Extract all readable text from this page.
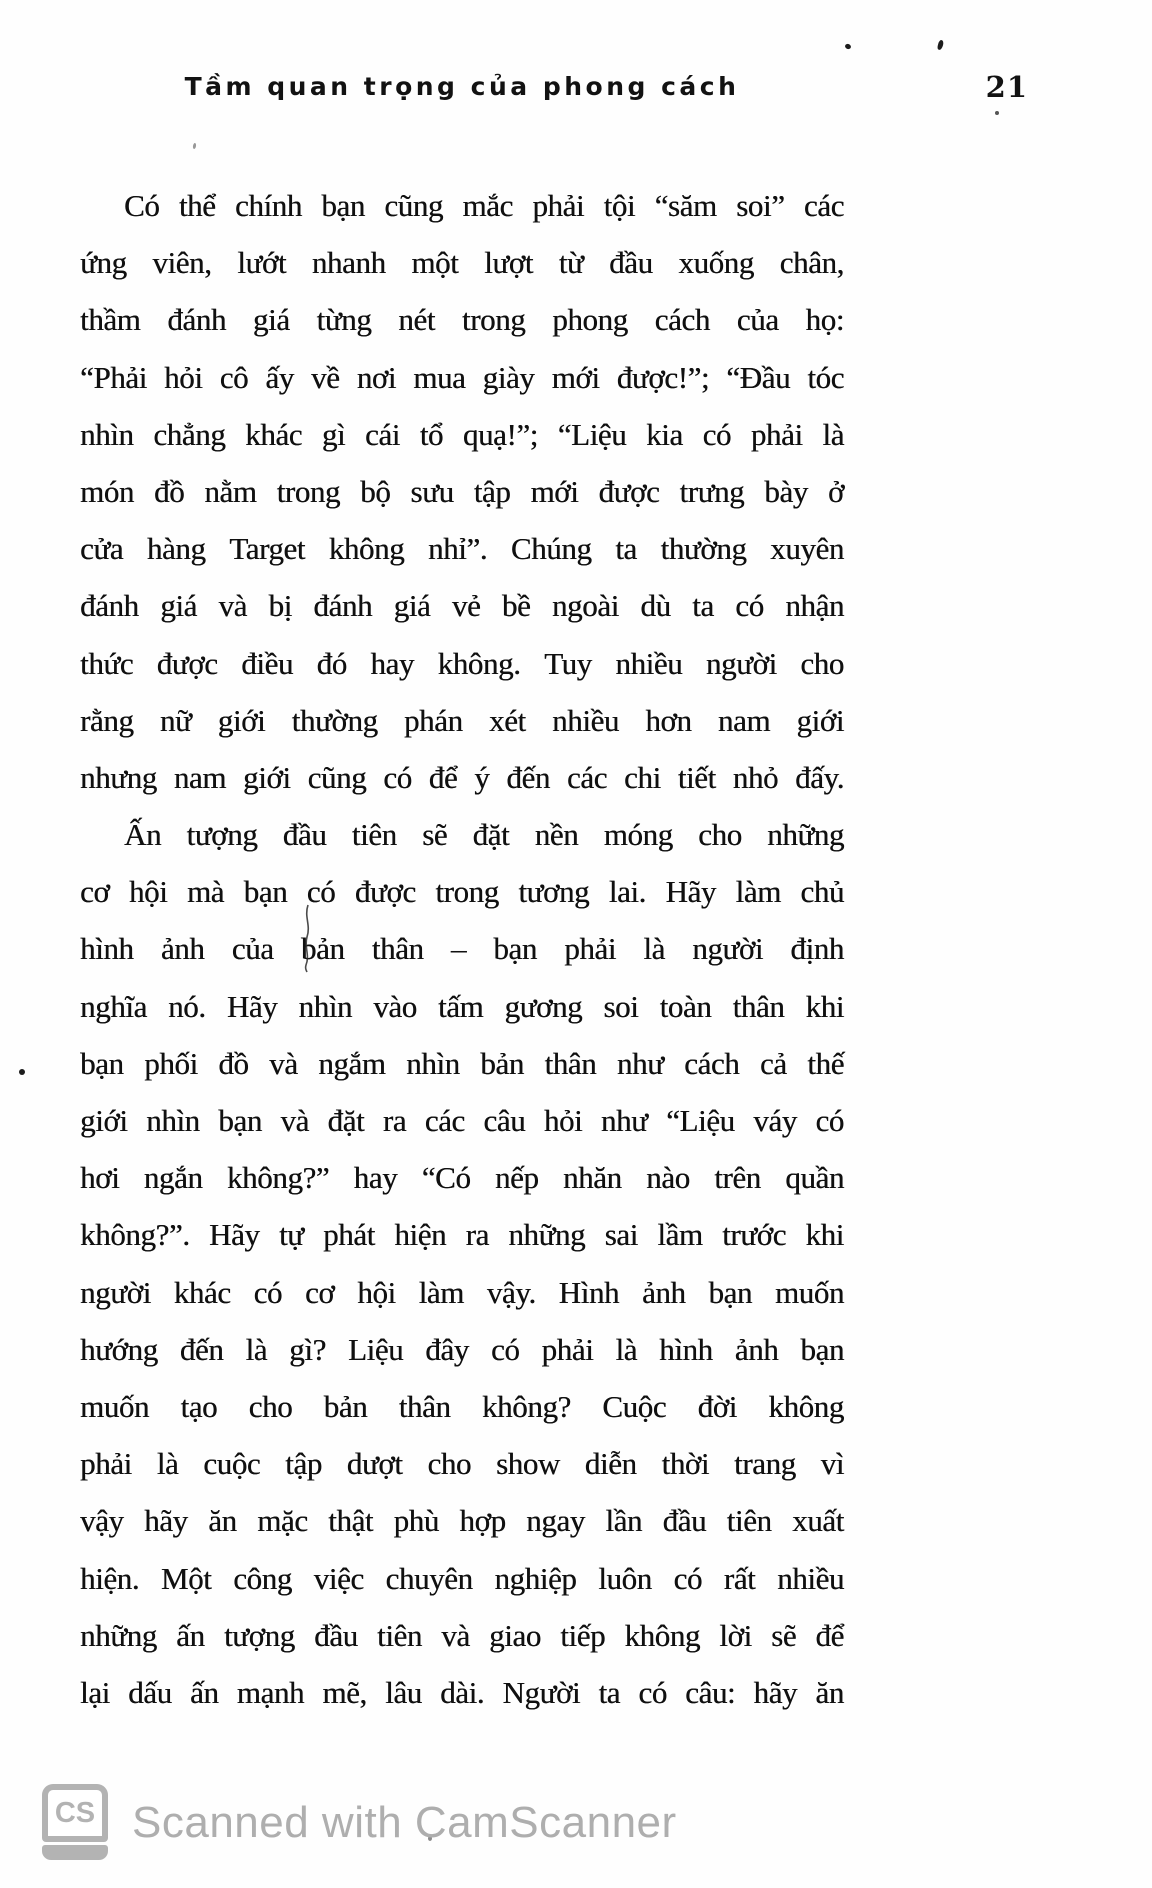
Tầm quan trọng của phong cách	21
Có thể chính bạn cũng mắc phải tội “săm soi” các
ứng viên, lướt nhanh một lượt từ đầu xuống chân,
thầm đánh giá từng nét trong phong cách của họ:
“Phải hỏi cô ấy về nơi mua giày mới được!”; “Đầu tóc
nhìn chẳng khác gì cái tổ quạ!”; “Liệu kia có phải là
món đồ nằm trong bộ sưu tập mới được trưng bày ở
cửa hàng Target không nhỉ”. Chúng ta thường xuyên
đánh giá và bị đánh giá vẻ bề ngoài dù ta có nhận
thức được điều đó hay không. Tuy nhiều người cho
rằng nữ giới thường phán xét nhiều hơn nam giới
nhưng nam giới cũng có để ý đến các chi tiết nhỏ đấy.
Ấn tượng đầu tiên sẽ đặt nền móng cho những
cơ hội mà bạn có được trong tương lai. Hãy làm chủ
hình ảnh của bản thân – bạn phải là người định
nghĩa nó. Hãy nhìn vào tấm gương soi toàn thân khi
bạn phối đồ và ngắm nhìn bản thân như cách cả thế
giới nhìn bạn và đặt ra các câu hỏi như “Liệu váy có
hơi ngắn không?” hay “Có nếp nhăn nào trên quần
không?”. Hãy tự phát hiện ra những sai lầm trước khi
người khác có cơ hội làm vậy. Hình ảnh bạn muốn
hướng đến là gì? Liệu đây có phải là hình ảnh bạn
muốn tạo cho bản thân không? Cuộc đời không
phải là cuộc tập dượt cho show diễn thời trang vì
vậy hãy ăn mặc thật phù hợp ngay lần đầu tiên xuất
hiện. Một công việc chuyên nghiệp luôn có rất nhiều
những ấn tượng đầu tiên và giao tiếp không lời sẽ để
lại dấu ấn mạnh mẽ, lâu dài. Người ta có câu: hãy ăn
CS Scanned with CamScanner
